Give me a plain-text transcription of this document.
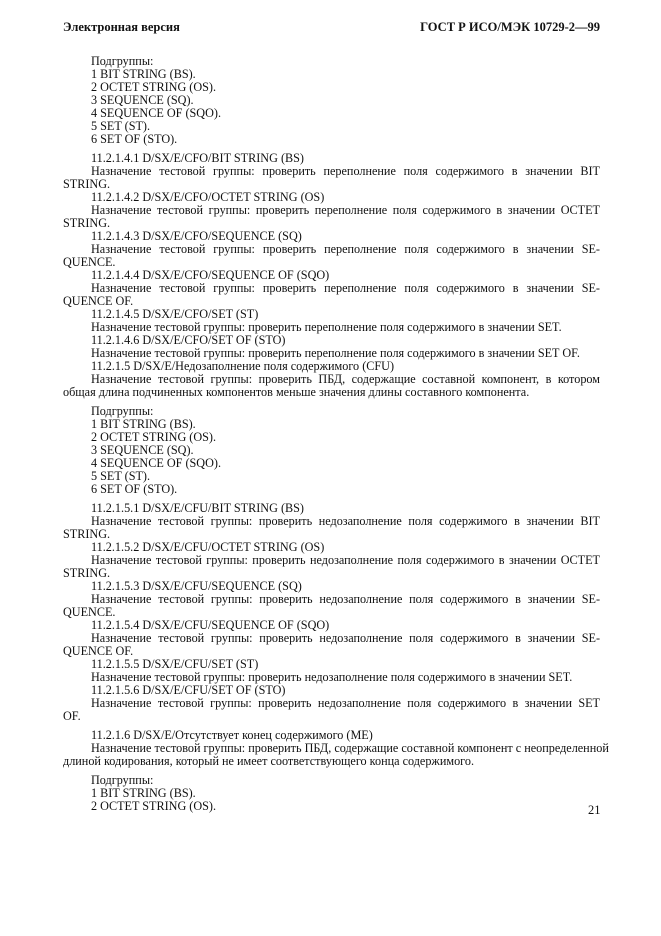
Электронная версия	ГОСТ Р ИСО/МЭК 10729-2—99
Подгруппы:
1 BIT STRING (BS).
2 OCTET STRING (OS).
3 SEQUENCE (SQ).
4 SEQUENCE OF (SQO).
5 SET (ST).
6 SET OF (STO).
11.2.1.4.1 D/SX/E/CFO/BIT STRING (BS)
Назначение тестовой группы: проверить переполнение поля содержимого в значении BIT
STRING.
11.2.1.4.2 D/SX/E/CFO/OCTET STRING (OS)
Назначение тестовой группы: проверить переполнение поля содержимого в значении OCTET
STRING.
11.2.1.4.3 D/SX/E/CFO/SEQUENCE (SQ)
Назначение тестовой группы: проверить переполнение поля содержимого в значении SE-
QUENCE.
11.2.1.4.4 D/SX/E/CFO/SEQUENCE OF (SQO)
Назначение тестовой группы: проверить переполнение поля содержимого в значении SE-
QUENCE OF.
11.2.1.4.5 D/SX/E/CFO/SET (ST)
Назначение тестовой группы: проверить переполнение поля содержимого в значении SET.
11.2.1.4.6 D/SX/E/CFO/SET OF (STO)
Назначение тестовой группы: проверить переполнение поля содержимого в значении SET OF.
11.2.1.5 D/SX/E/Недозаполнение поля содержимого (CFU)
Назначение тестовой группы: проверить ПБД, содержащие составной компонент, в котором
общая длина подчиненных компонентов меньше значения длины составного компонента.
Подгруппы:
1 BIT STRING (BS).
2 OCTET STRING (OS).
3 SEQUENCE (SQ).
4 SEQUENCE OF (SQO).
5 SET (ST).
6 SET OF (STO).
11.2.1.5.1 D/SX/E/CFU/BIT STRING (BS)
Назначение тестовой группы: проверить недозаполнение поля содержимого в значении BIT
STRING.
11.2.1.5.2 D/SX/E/CFU/OCTET STRING (OS)
Назначение тестовой группы: проверить недозаполнение поля содержимого в значении OCTET
STRING.
11.2.1.5.3 D/SX/E/CFU/SEQUENCE (SQ)
Назначение тестовой группы: проверить недозаполнение поля содержимого в значении SE-
QUENCE.
11.2.1.5.4 D/SX/E/CFU/SEQUENCE OF (SQO)
Назначение тестовой группы: проверить недозаполнение поля содержимого в значении SE-
QUENCE OF.
11.2.1.5.5 D/SX/E/CFU/SET (ST)
Назначение тестовой группы: проверить недозаполнение поля содержимого в значении SET.
11.2.1.5.6 D/SX/E/CFU/SET OF (STO)
Назначение тестовой группы: проверить недозаполнение поля содержимого в значении SET
OF.
11.2.1.6 D/SX/E/Отсутствует конец содержимого (ME)
Назначение тестовой группы: проверить ПБД, содержащие составной компонент с неопределенной
длиной кодирования, который не имеет соответствующего конца содержимого.
Подгруппы:
1 BIT STRING (BS).
2 OCTET STRING (OS).	21
